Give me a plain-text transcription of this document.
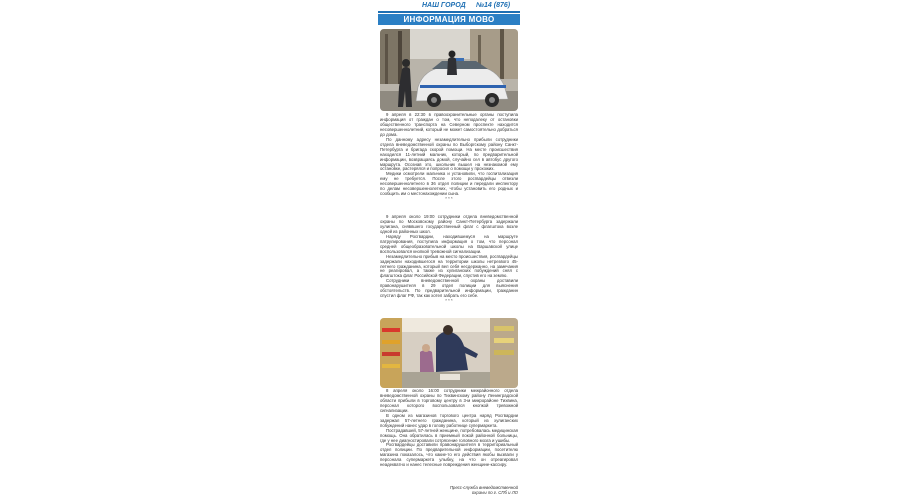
НАШ ГОРОД №14 (876)
ИНФОРМАЦИЯ МОВО

9 апреля в 22:30 в правоохранительные органы поступила информация от граждан о том, что неподалеку от остановки общественного транспорта на Северном проспекте находится несовершеннолетний, который не может самостоятельно добраться до дома.

По данному адресу незамедлительно прибыли сотрудники отдела вневедомственной охраны по Выборгскому району Санкт-Петербурга и бригада скорой помощи. На месте происшествия находился 11-летний мальчик, который, по предварительной информации, возвращаясь домой, случайно сел в автобус другого маршрута. Осознав это, школьник вышел на незнакомой ему остановке, растерялся и попросил о помощи у прохожих.

Медики осмотрели мальчика и установили, что госпитализация ему не требуется. После этого росгвардейцы отвезли несовершеннолетнего в 36 отдел полиции и передали инспектору по делам несовершеннолетних, чтобы установить его родных и сообщить им о местонахождении сына.

* * *

9 апреля около 19:00 сотрудники отдела вневедомственной охраны по Московскому району Санкт-Петербурга задержали хулигана, сняввшего государственный флаг с флагштока возле одной из районных школ.

Наряду Росгвардии, находившемуся на маршруте патрулирования, поступила информация о том, что персонал средней общеобразовательной школы на Варшавской улице воспользовался кнопкой тревожной сигнализации.

Незамедлительно прибыв на место происшествия, росгвардейцы задержали находившегося на территории школы нетрезвого 45-летнего гражданина, который вел себя несдержанно, на замечания не реагировал, а также из хулиганских побуждений снял с флагштока флаг Российской Федерации, спустив его на землю.

Сотрудники вневедомственной охраны доставили правонарушителя в 29 отдел полиции для выяснения обстоятельств. По предварительной информации, гражданин спустил флаг РФ, так как хотел забрать его себе.

* * *

8 апреля около 16:00 сотрудники межрайонного отдела вневедомственной охраны по Тихвинскому району Ленинградской области прибыли в торговому центру в 3-м микрорайоне Тихвина, персонал которого воспользовался кнопкой тревожной сигнализации.

В одном из магазинов торгового центра наряд Росгвардии задержал 57-летнего гражданина, который из хулиганских побуждений нанес удар в голову работнице супермаркета.

Пострадавшей, 57-летней женщине, потребовалась медицинская помощь. Она обратилась в приемный покой районной больницы, где у нее диагностировали сотрясение головного мозга и ушибы.

Росгвардейцы доставили правонарушителя в территориальный отдел полиции. По предварительной информации, посетителю магазина показалось, что какие-то его действия якобы вызвали у персонала супермаркета улыбку, на что он отреагировал неадекватно и нанес телесные повреждения женщине-кассиру.

Пресс-служба вневедомственной
охраны по г. СПб и ЛО
